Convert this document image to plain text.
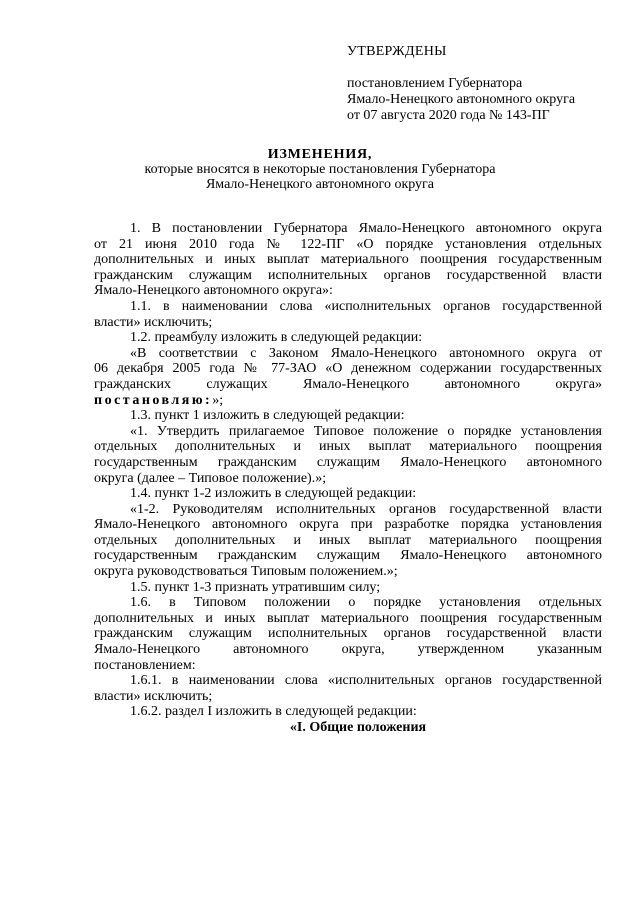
УТВЕРЖДЕНЫ
постановлением Губернатора
Ямало-Ненецкого автономного округа
от 07 августа 2020 года № 143-ПГ
ИЗМЕНЕНИЯ,
которые вносятся в некоторые постановления Губернатора
Ямало-Ненецкого автономного округа

1. В постановлении Губернатора Ямало-Ненецкого автономного округа

от 21 июня 2010 года № 122-ПГ «О порядке установления отдельных

дополнительных и иных выплат материального поощрения государственным

гражданским служащим исполнительных органов государственной власти

Ямало-Ненецкого автономного округа»:

1.1. в наименовании слова «исполнительных органов государственной

власти» исключить;

1.2. преамбулу изложить в следующей редакции:

«В соответствии с Законом Ямало-Ненецкого автономного округа от

06 декабря 2005 года № 77-ЗАО «О денежном содержании государственных

гражданских служащих Ямало-Ненецкого автономного округа»

постановляю:»;

1.3. пункт 1 изложить в следующей редакции:

«1. Утвердить прилагаемое Типовое положение о порядке установления

отдельных дополнительных и иных выплат материального поощрения

государственным гражданским служащим Ямало-Ненецкого автономного

округа (далее – Типовое положение).»;

1.4. пункт 1-2 изложить в следующей редакции:

«1-2. Руководителям исполнительных органов государственной власти

Ямало-Ненецкого автономного округа при разработке порядка установления

отдельных дополнительных и иных выплат материального поощрения

государственным гражданским служащим Ямало-Ненецкого автономного

округа руководствоваться Типовым положением.»;

1.5. пункт 1-3 признать утратившим силу;

1.6. в Типовом положении о порядке установления отдельных

дополнительных и иных выплат материального поощрения государственным

гражданским служащим исполнительных органов государственной власти

Ямало-Ненецкого автономного округа, утвержденном указанным

постановлением:

1.6.1. в наименовании слова «исполнительных органов государственной

власти» исключить;

1.6.2. раздел I изложить в следующей редакции:

«I. Общие положения
